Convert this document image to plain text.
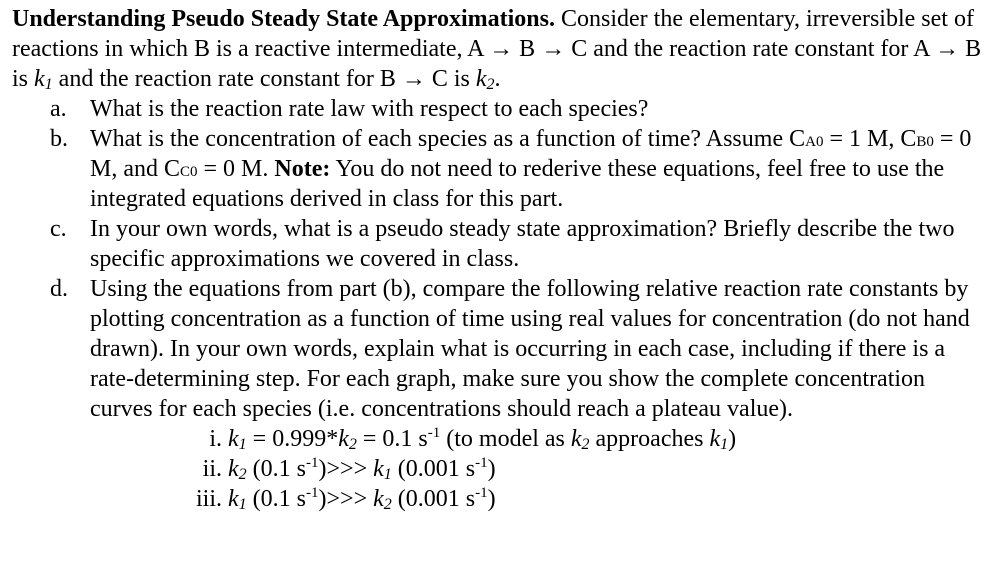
Understanding Pseudo Steady State Approximations. Consider the elementary, irreversible set of reactions in which B is a reactive intermediate, A → B → C and the reaction rate constant for A → B is $k_1$ and the reaction rate constant for B → C is $k_2$.

a. What is the reaction rate law with respect to each species?
b. What is the concentration of each species as a function of time? Assume CA0 = 1 M, CB0 = 0 M, and CC0 = 0 M. Note: You do not need to rederive these equations, feel free to use the integrated equations derived in class for this part.
c. In your own words, what is a pseudo steady state approximation? Briefly describe the two specific approximations we covered in class.
d. Using the equations from part (b), compare the following relative reaction rate constants by plotting concentration as a function of time using real values for concentration (do not hand drawn). In your own words, explain what is occurring in each case, including if there is a rate-determining step. For each graph, make sure you show the complete concentration curves for each species (i.e. concentrations should reach a plateau value).
i. $k_1 = 0.999*k_2 = 0.1$ $s^{-1}$ (to model as $k_2$ approaches $k_1$)
ii. $k_2$ (0.1 $s^{-1})>>> k_1$ (0.001 $s^{-1}$)
iii. $k_1$ (0.1 $s^{-1})>>> k_2$ (0.001 $s^{-1}$)
